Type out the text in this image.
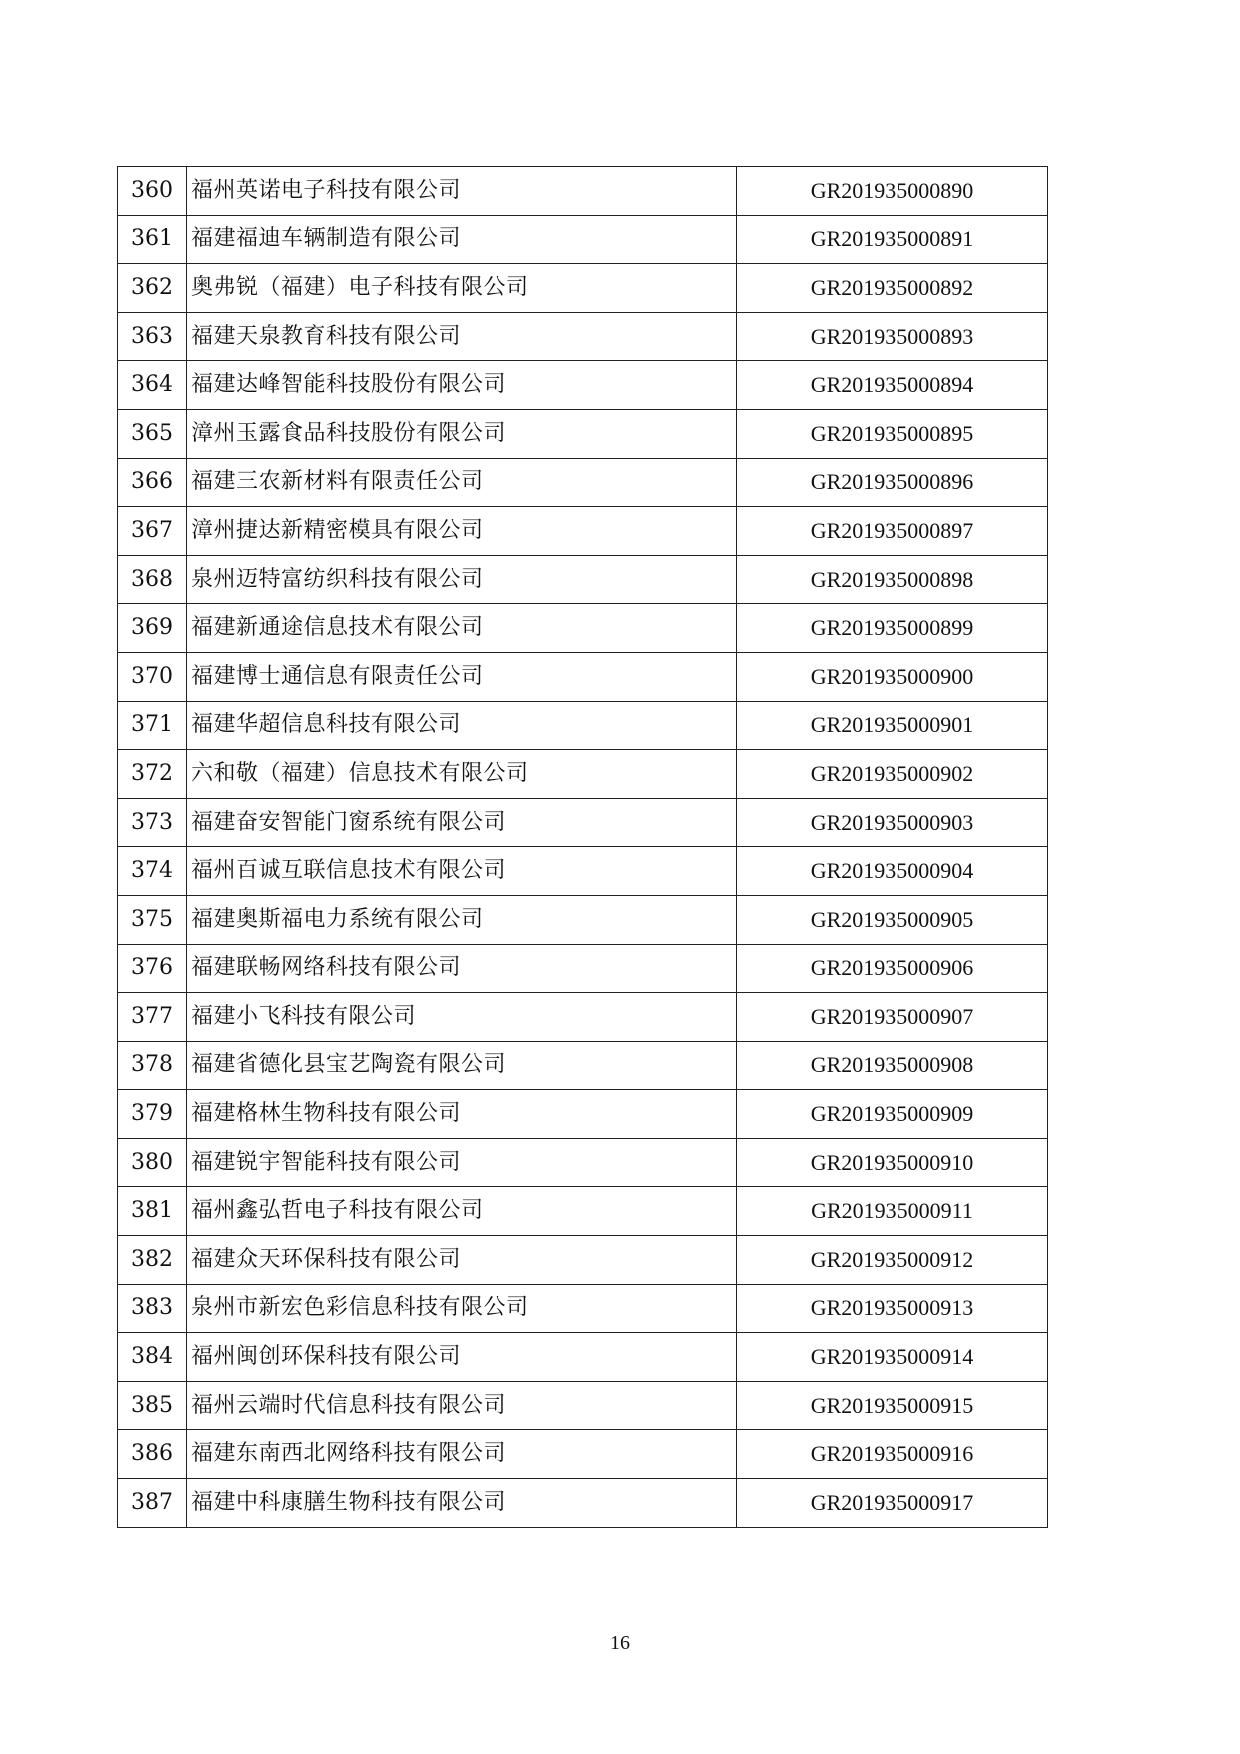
360	福州英诺电子科技有限公司	GR201935000890
361	福建福迪车辆制造有限公司	GR201935000891
362	奥弗锐（福建）电子科技有限公司	GR201935000892
363	福建天泉教育科技有限公司	GR201935000893
364	福建达峰智能科技股份有限公司	GR201935000894
365	漳州玉露食品科技股份有限公司	GR201935000895
366	福建三农新材料有限责任公司	GR201935000896
367	漳州捷达新精密模具有限公司	GR201935000897
368	泉州迈特富纺织科技有限公司	GR201935000898
369	福建新通途信息技术有限公司	GR201935000899
370	福建博士通信息有限责任公司	GR201935000900
371	福建华超信息科技有限公司	GR201935000901
372	六和敬（福建）信息技术有限公司	GR201935000902
373	福建奋安智能门窗系统有限公司	GR201935000903
374	福州百诚互联信息技术有限公司	GR201935000904
375	福建奥斯福电力系统有限公司	GR201935000905
376	福建联畅网络科技有限公司	GR201935000906
377	福建小飞科技有限公司	GR201935000907
378	福建省德化县宝艺陶瓷有限公司	GR201935000908
379	福建格林生物科技有限公司	GR201935000909
380	福建锐宇智能科技有限公司	GR201935000910
381	福州鑫弘哲电子科技有限公司	GR201935000911
382	福建众天环保科技有限公司	GR201935000912
383	泉州市新宏色彩信息科技有限公司	GR201935000913
384	福州闽创环保科技有限公司	GR201935000914
385	福州云端时代信息科技有限公司	GR201935000915
386	福建东南西北网络科技有限公司	GR201935000916
387	福建中科康膳生物科技有限公司	GR201935000917
16
